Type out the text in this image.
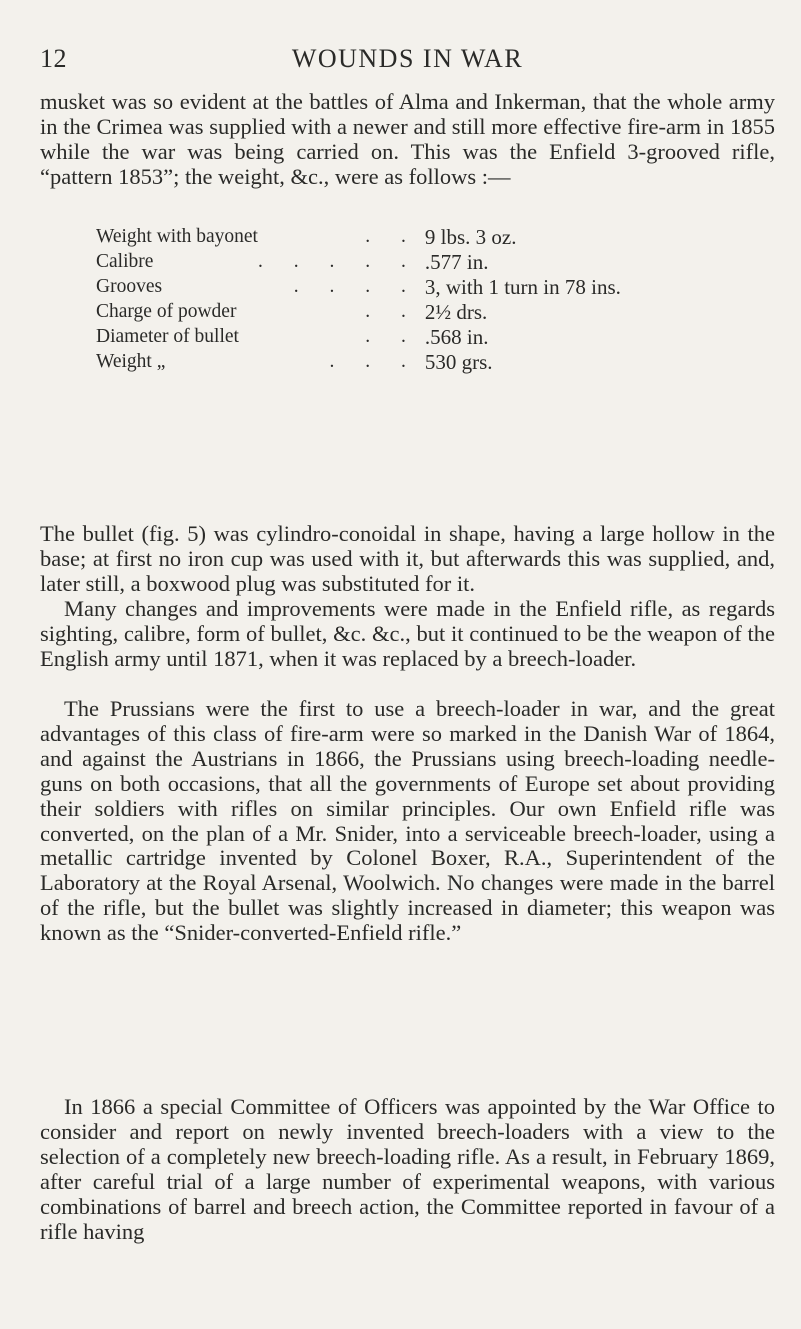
12	WOUNDS IN WAR

musket was so evident at the battles of Alma and Inkerman, that the whole army in the Crimea was supplied with a newer and still more effective fire-arm in 1855 while the war was being carried on. This was the Enfield 3-grooved rifle, “pattern 1853”; the weight, &c., were as follows :—

Weight with bayonet	. .	9 lbs. 3 oz.
Calibre	. . . . .	.577 in.
Grooves	. . . .	3, with 1 turn in 78 ins.
Charge of powder	. .	2½ drs.
Diameter of bullet	. .	.568 in.
Weight „	. . .	530 grs.

The bullet (fig. 5) was cylindro-conoidal in shape, having a large hollow in the base; at first no iron cup was used with it, but afterwards this was supplied, and, later still, a boxwood plug was substituted for it.

Many changes and improvements were made in the Enfield rifle, as regards sighting, calibre, form of bullet, &c. &c., but it continued to be the weapon of the English army until 1871, when it was replaced by a breech-loader.

The Prussians were the first to use a breech-loader in war, and the great advantages of this class of fire-arm were so marked in the Danish War of 1864, and against the Austrians in 1866, the Prussians using breech-loading needle-guns on both occasions, that all the governments of Europe set about providing their soldiers with rifles on similar principles. Our own Enfield rifle was converted, on the plan of a Mr. Snider, into a serviceable breech-loader, using a metallic cartridge invented by Colonel Boxer, R.A., Superintendent of the Laboratory at the Royal Arsenal, Woolwich. No changes were made in the barrel of the rifle, but the bullet was slightly increased in diameter; this weapon was known as the “Snider-converted-Enfield rifle.”

In 1866 a special Committee of Officers was appointed by the War Office to consider and report on newly invented breech-loaders with a view to the selection of a completely new breech-loading rifle. As a result, in February 1869, after careful trial of a large number of experimental weapons, with various combinations of barrel and breech action, the Committee reported in favour of a rifle having
